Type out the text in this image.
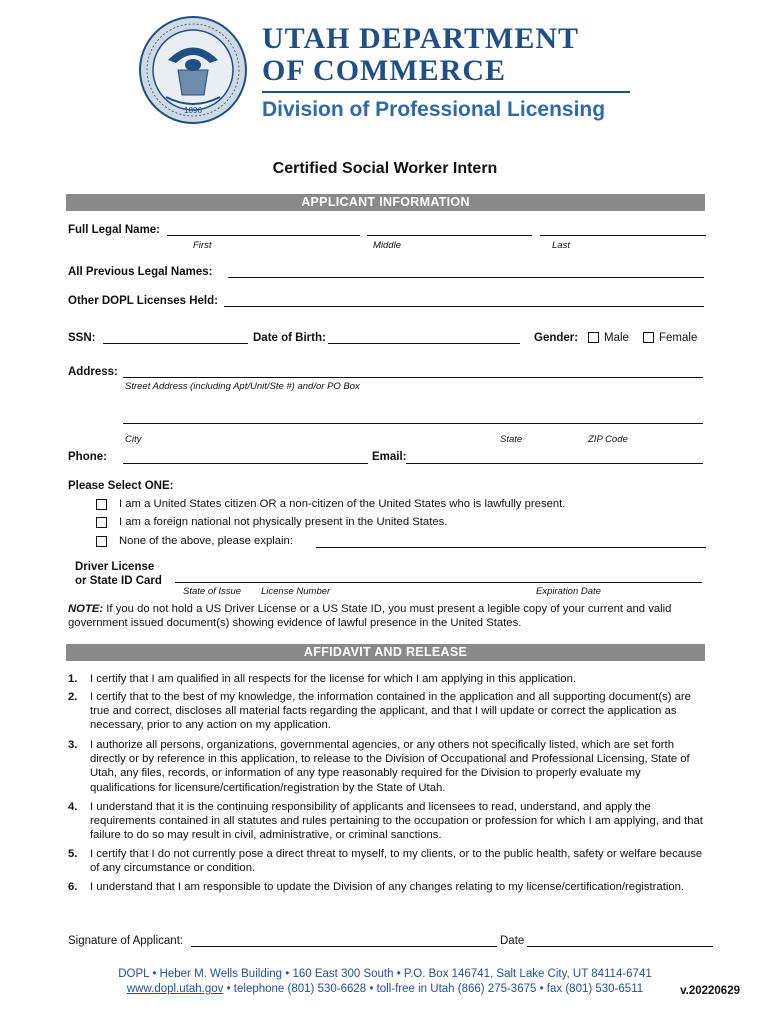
1896
UTAH DEPARTMENT
OF COMMERCE
Division of Professional Licensing
Certified Social Worker Intern
APPLICANT INFORMATION
Full Legal Name:
First	Middle	Last
All Previous Legal Names:
Other DOPL Licenses Held:
SSN:	Date of Birth:	Gender: Male	Female
Address:
Street Address (including Apt/Unit/Ste #) and/or PO Box
City	State	ZIP Code
Phone:	Email:
Please Select ONE:
I am a United States citizen OR a non-citizen of the United States who is lawfully present.
I am a foreign national not physically present in the United States.
None of the above, please explain:
Driver License
or State ID Card
State of Issue License Number	Expiration Date
NOTE: If you do not hold a US Driver License or a US State ID, you must present a legible copy of your current and valid
government issued document(s) showing evidence of lawful presence in the United States.
AFFIDAVIT AND RELEASE
1. I certify that I am qualified in all respects for the license for which I am applying in this application.
2. I certify that to the best of my knowledge, the information contained in the application and all supporting document(s) are true and correct, discloses all material facts regarding the applicant, and that I will update or correct the application as necessary, prior to any action on my application.
3. I authorize all persons, organizations, governmental agencies, or any others not specifically listed, which are set forth directly or by reference in this application, to release to the Division of Occupational and Professional Licensing, State of Utah, any files, records, or information of any type reasonably required for the Division to properly evaluate my qualifications for licensure/certification/registration by the State of Utah.
4. I understand that it is the continuing responsibility of applicants and licensees to read, understand, and apply the requirements contained in all statutes and rules pertaining to the occupation or profession for which I am applying, and that failure to do so may result in civil, administrative, or criminal sanctions.
5. I certify that I do not currently pose a direct threat to myself, to my clients, or to the public health, safety or welfare because of any circumstance or condition.
6. I understand that I am responsible to update the Division of any changes relating to my license/certification/registration.
Signature of Applicant:	Date
DOPL • Heber M. Wells Building • 160 East 300 South • P.O. Box 146741, Salt Lake City, UT 84114-6741
www.dopl.utah.gov • telephone (801) 530-6628 • toll-free in Utah (866) 275-3675 • fax (801) 530-6511	v.20220629
